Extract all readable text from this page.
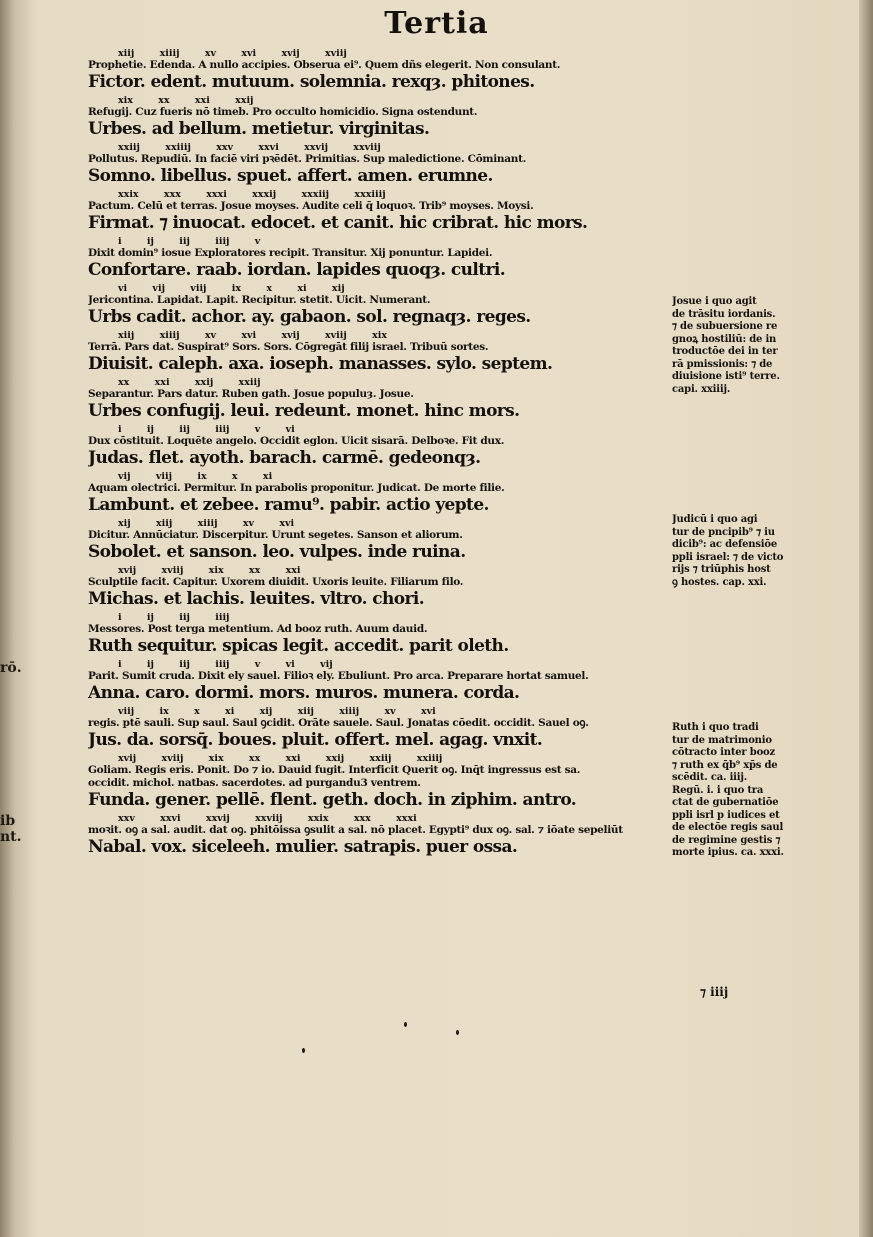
rō.
ib
nt.
Tertia
xiij xiiij xv xvi xvij xviij
Prophetie. Edenda. A nullo accipies. Obserua ei⁹. Quem dñs elegerit. Non consulant.
Fictor. edent. mutuum. solemnia. rexqȝ. phitones.
xix xx xxi xxij
Refugij. Cuz fueris nō timeb. Pro occulto homicidio. Signa ostendunt.
Urbes. ad bellum. metietur. virginitas.
xxiij xxiiij xxv xxvi xxvij xxviij
Pollutus. Repudiū. In faciē viri pꝛēdēt. Primitias. Sup maledictione. Cōminant.
Somno. libellus. spuet. affert. amen. erumne.
xxix xxx xxxi xxxij xxxiij xxxiiij
Pactum. Celū et terras. Josue moyses. Audite celi q̄ loquoꝛ. Trib⁹ moyses. Moysi.
Firmat. ⁊ inuocat. edocet. et canit. hic cribrat. hic mors.
i ij iij iiij v
Dixit domin⁹ iosue Exploratores recipit. Transitur. Xij ponuntur. Lapidei.
Confortare. raab. iordan. lapides quoqȝ. cultri.
vi vij viij ix x xi xij
Jericontina. Lapidat. Lapit. Recipitur. stetit. Uicit. Numerant.
Urbs cadit. achor. ay. gabaon. sol. regnaqȝ. reges.
xiij xiiij xv xvi xvij xviij xix
Terrā. Pars dat. Suspirat⁹ Sors. Sors. Cōgregāt filij israel. Tribuū sortes.
Diuisit. caleph. axa. ioseph. manasses. sylo. septem.
xx xxi xxij xxiij
Separantur. Pars datur. Ruben gath. Josue populuȝ. Josue.
Urbes confugij. leui. redeunt. monet. hinc mors.
i ij iij iiij v vi
Dux cōstituit. Loquēte angelo. Occidit eglon. Uicit sisarā. Delboꝛe. Fit dux.
Judas. flet. ayoth. barach. carmē. gedeonqȝ.
vij viij ix x xi
Aquam olectrici. Permitur. In parabolis proponitur. Judicat. De morte filie.
Lambunt. et zebee. ramu⁹. pabir. actio yepte.
xij xiij xiiij xv xvi
Dicitur. Annūciatur. Discerpitur. Urunt segetes. Sanson et aliorum.
Sobolet. et sanson. leo. vulpes. inde ruina.
xvij xviij xix xx xxi
Sculptile facit. Capitur. Uxorem diuidit. Uxoris leuite. Filiarum filo.
Michas. et lachis. leuites. vltro. chori.
i ij iij iiij
Messores. Post terga metentium. Ad booz ruth. Auum dauid.
Ruth sequitur. spicas legit. accedit. parit oleth.
i ij iij iiij v vi vij
Parit. Sumit cruda. Dixit ely sauel. Filioꝛ ely. Ebuliunt. Pro arca. Preparare hortat samuel.
Anna. caro. dormi. mors. muros. munera. corda.
viij ix x xi xij xiij xiiij xv xvi
regis. ptē sauli. Sup saul. Saul ꝯcidit. Orāte sauele. Saul. Jonatas cōedit. occidit. Sauel oꝯ.
Jus. da. sorsq̄. boues. pluit. offert. mel. agag. vnxit.
xvij xviij xix xx xxi xxij xxiij xxiiij
Goliam. Regis eris. Ponit. Do ⁊ io. Dauid fugit. Interficit Querit oꝯ. Inq̄t ingressus est sa.
occidit. michol. natbas. sacerdotes. ad purgandu3 ventrem.
Funda. gener. pellē. flent. geth. doch. in ziphim. antro.
xxv xxvi xxvij xxviij xxix xxx xxxi
moꝛit. oꝯ a sal. audit. dat oꝯ. phitōissa ꝯsulit a sal. nō placet. Egypti⁹ dux oꝯ. sal. ⁊ iōate sepeliūt
Nabal. vox. siceleeh. mulier. satrapis. puer ossa.
Josue i quo agit
de trāsitu iordanis.
⁊ de subuersione re
gnoꝝ hostiliū: de in
troductōe dei in ter
rā pmissionis: ⁊ de
diuisione isti⁹ terre.
capi. xxiiij.
Judicū i quo agi
tur de pncipib⁹ ⁊ iu
dicib⁹: ac defensiōe
ppli israel: ⁊ de victo
rijs ⁊ triūphis host
ꝯ hostes. cap. xxi.
Ruth i quo tradi
tur de matrimonio
cōtracto inter booz
⁊ ruth ex q̄b⁹ xp̄s de
scēdit. ca. iiij.
Regū. i. i quo tra
ctat de gubernatiōe
ppli isrl p iudices et
de electōe regis saul
de regimine gestis ⁊
morte ipius. ca. xxxi.
⁊ iiij
